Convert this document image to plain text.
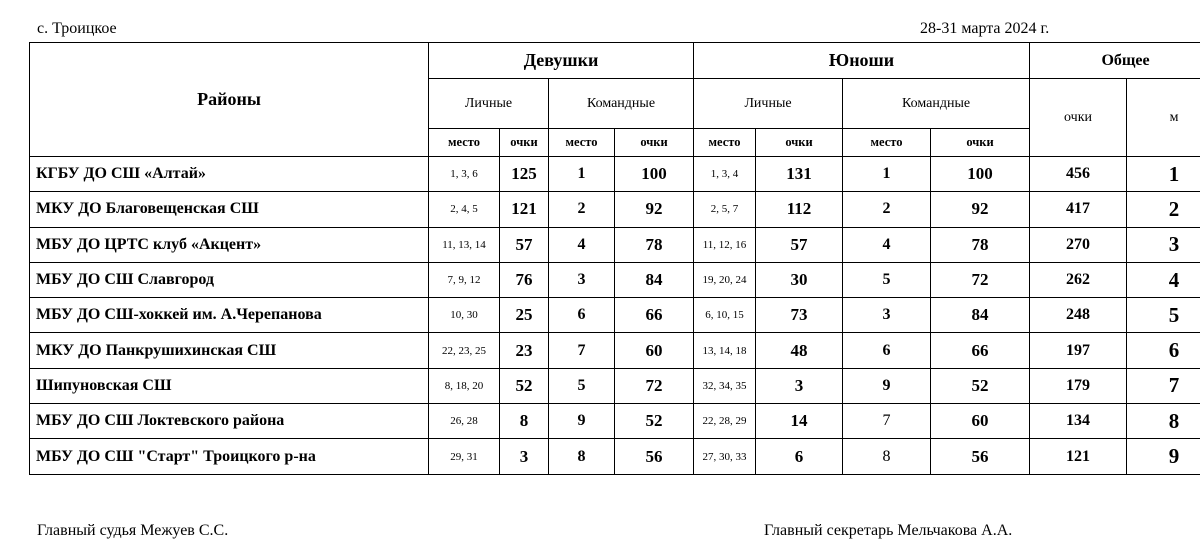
с. Троицкое	28-31 марта 2024 г.
Районы	Девушки				Юноши				Общее	
	Личные		Командные		Личные		Командные		очки	м
	место	очки	место	очки	место	очки	место	очки		
КГБУ ДО СШ «Алтай»	1, 3, 6	125	1	100	1, 3, 4	131	1	100	456	1
МКУ ДО Благовещенская СШ	2, 4, 5	121	2	92	2, 5, 7	112	2	92	417	2
МБУ ДО ЦРТС клуб «Акцент»	11, 13, 14	57	4	78	11, 12, 16	57	4	78	270	3
МБУ ДО СШ Славгород	7, 9, 12	76	3	84	19, 20, 24	30	5	72	262	4
МБУ ДО СШ-хоккей им. А.Черепанова	10, 30	25	6	66	6, 10, 15	73	3	84	248	5
МКУ ДО Панкрушихинская СШ	22, 23, 25	23	7	60	13, 14, 18	48	6	66	197	6
Шипуновская СШ	8, 18, 20	52	5	72	32, 34, 35	3	9	52	179	7
МБУ ДО СШ Локтевского района	26, 28	8	9	52	22, 28, 29	14	7	60	134	8
МБУ ДО СШ "Старт" Троицкого р-на	29, 31	3	8	56	27, 30, 33	6	8	56	121	9
Главный судья Межуев С.С.	Главный секретарь Мельчакова А.А.
